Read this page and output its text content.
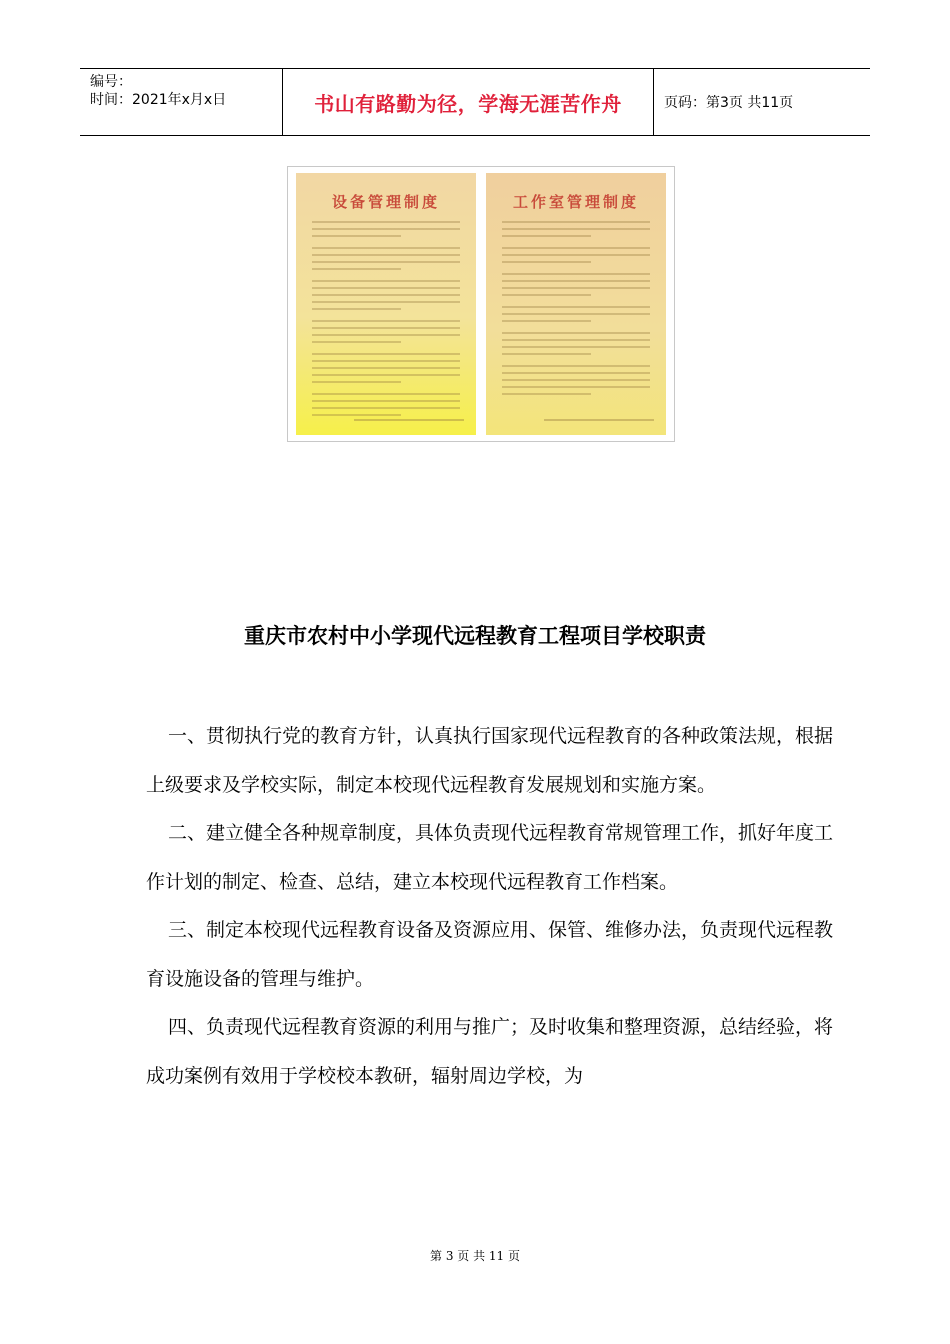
编号：
时间：2021年x月x日	书山有路勤为径，学海无涯苦作舟	页码：第3页 共11页
设备管理制度	工作室管理制度
重庆市农村中小学现代远程教育工程项目学校职责

一、贯彻执行党的教育方针，认真执行国家现代远程教育的各种政策法规，根据上级要求及学校实际，制定本校现代远程教育发展规划和实施方案。

二、建立健全各种规章制度，具体负责现代远程教育常规管理工作，抓好年度工作计划的制定、检查、总结，建立本校现代远程教育工作档案。

三、制定本校现代远程教育设备及资源应用、保管、维修办法，负责现代远程教育设施设备的管理与维护。

四、负责现代远程教育资源的利用与推广；及时收集和整理资源，总结经验，将成功案例有效用于学校校本教研，辐射周边学校，为

第 3 页 共 11 页
